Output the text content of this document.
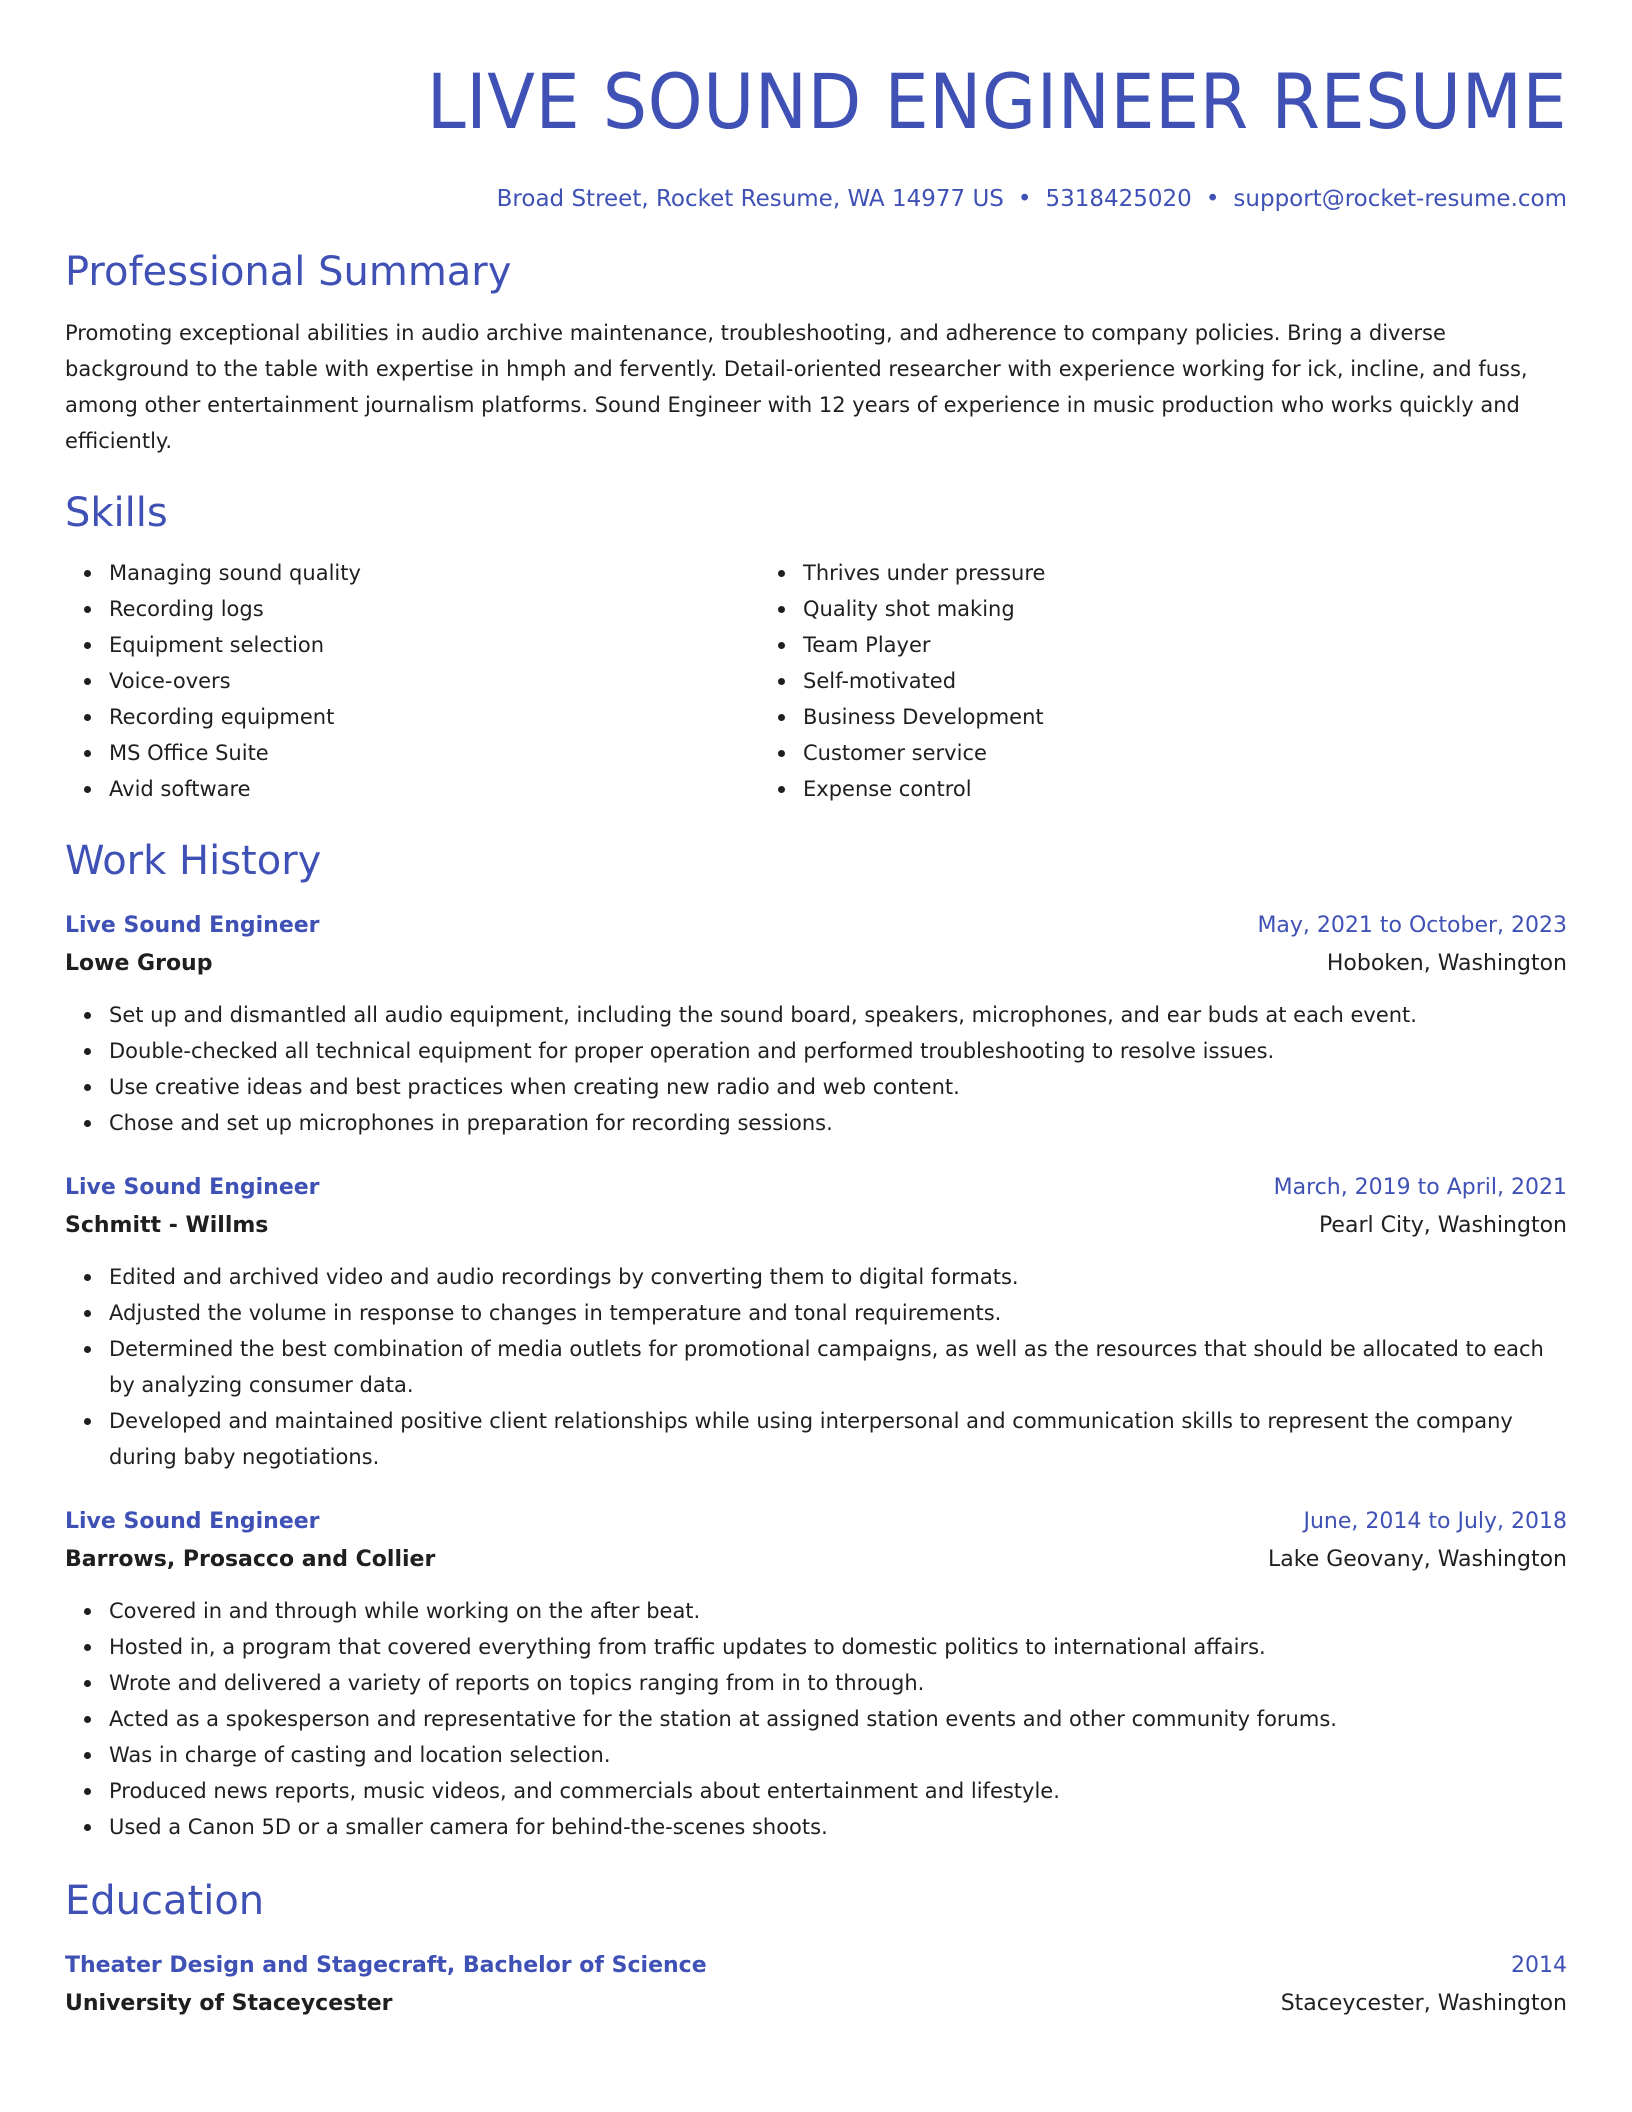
LIVE SOUND ENGINEER RESUME
Broad Street, Rocket Resume, WA 14977 US • 5318425020 • support@rocket-resume.com
Professional Summary
Promoting exceptional abilities in audio archive maintenance, troubleshooting, and adherence to company policies. Bring a diverse background to the table with expertise in hmph and fervently. Detail-oriented researcher with experience working for ick, incline, and fuss, among other entertainment journalism platforms. Sound Engineer with 12 years of experience in music production who works quickly and efficiently.
Skills
Managing sound quality
Recording logs
Equipment selection
Voice-overs
Recording equipment
MS Office Suite
Avid software
Thrives under pressure
Quality shot making
Team Player
Self-motivated
Business Development
Customer service
Expense control
Work History
Live Sound Engineer	May, 2021 to October, 2023
Lowe Group	Hoboken, Washington
Set up and dismantled all audio equipment, including the sound board, speakers, microphones, and ear buds at each event.
Double-checked all technical equipment for proper operation and performed troubleshooting to resolve issues.
Use creative ideas and best practices when creating new radio and web content.
Chose and set up microphones in preparation for recording sessions.
Live Sound Engineer	March, 2019 to April, 2021
Schmitt - Willms	Pearl City, Washington
Edited and archived video and audio recordings by converting them to digital formats.
Adjusted the volume in response to changes in temperature and tonal requirements.
Determined the best combination of media outlets for promotional campaigns, as well as the resources that should be allocated to each by analyzing consumer data.
Developed and maintained positive client relationships while using interpersonal and communication skills to represent the company during baby negotiations.
Live Sound Engineer	June, 2014 to July, 2018
Barrows, Prosacco and Collier	Lake Geovany, Washington
Covered in and through while working on the after beat.
Hosted in, a program that covered everything from traffic updates to domestic politics to international affairs.
Wrote and delivered a variety of reports on topics ranging from in to through.
Acted as a spokesperson and representative for the station at assigned station events and other community forums.
Was in charge of casting and location selection.
Produced news reports, music videos, and commercials about entertainment and lifestyle.
Used a Canon 5D or a smaller camera for behind-the-scenes shoots.
Education
Theater Design and Stagecraft, Bachelor of Science	2014
University of Staceycester	Staceycester, Washington
